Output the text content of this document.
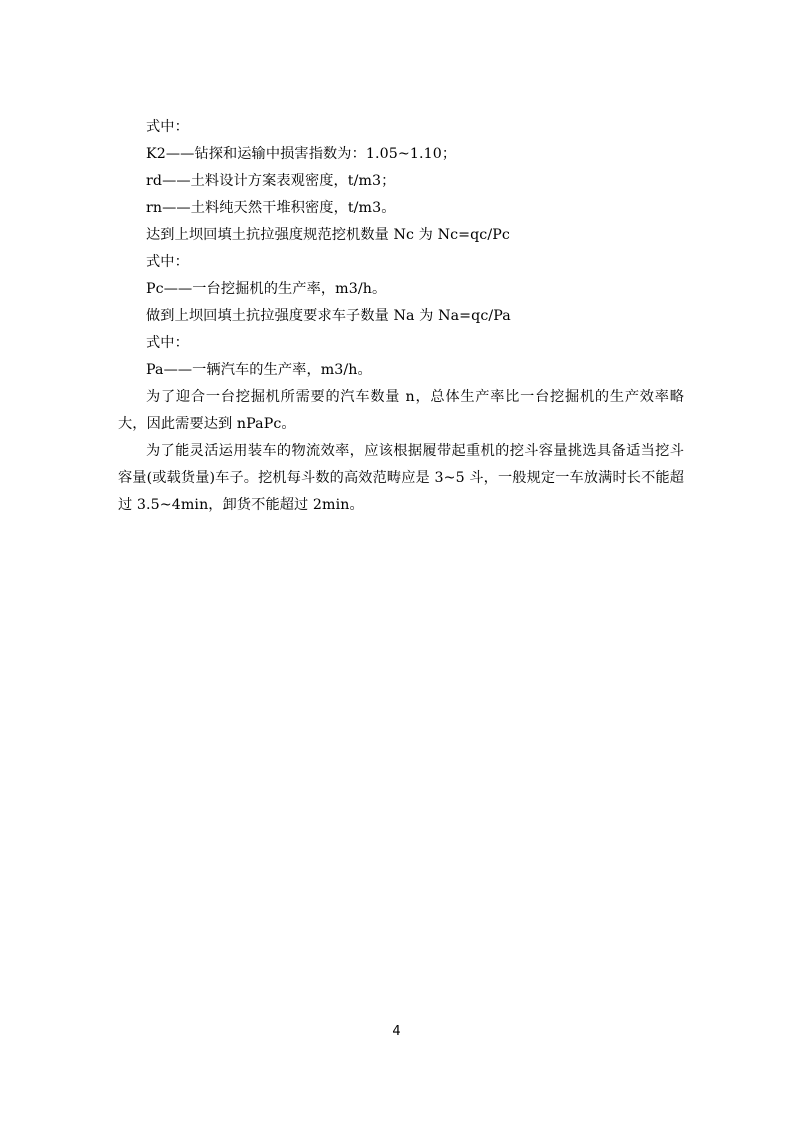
式中：
K2——钻探和运输中损害指数为：1.05~1.10；
rd——土料设计方案表观密度，t/m3；
rn——土料纯天然干堆积密度，t/m3。
达到上坝回填土抗拉强度规范挖机数量 Nc 为 Nc=qc/Pc
式中：
Pc——一台挖掘机的生产率，m3/h。
做到上坝回填土抗拉强度要求车子数量 Na 为 Na=qc/Pa
式中：
Pa——一辆汽车的生产率，m3/h。
为了迎合一台挖掘机所需要的汽车数量 n，总体生产率比一台挖掘机的生产效率略大，因此需要达到 nPaPc。
为了能灵活运用装车的物流效率，应该根据履带起重机的挖斗容量挑选具备适当挖斗容量(或载货量)车子。挖机每斗数的高效范畴应是 3~5 斗，一般规定一车放满时长不能超过 3.5~4min，卸货不能超过 2min。
4
